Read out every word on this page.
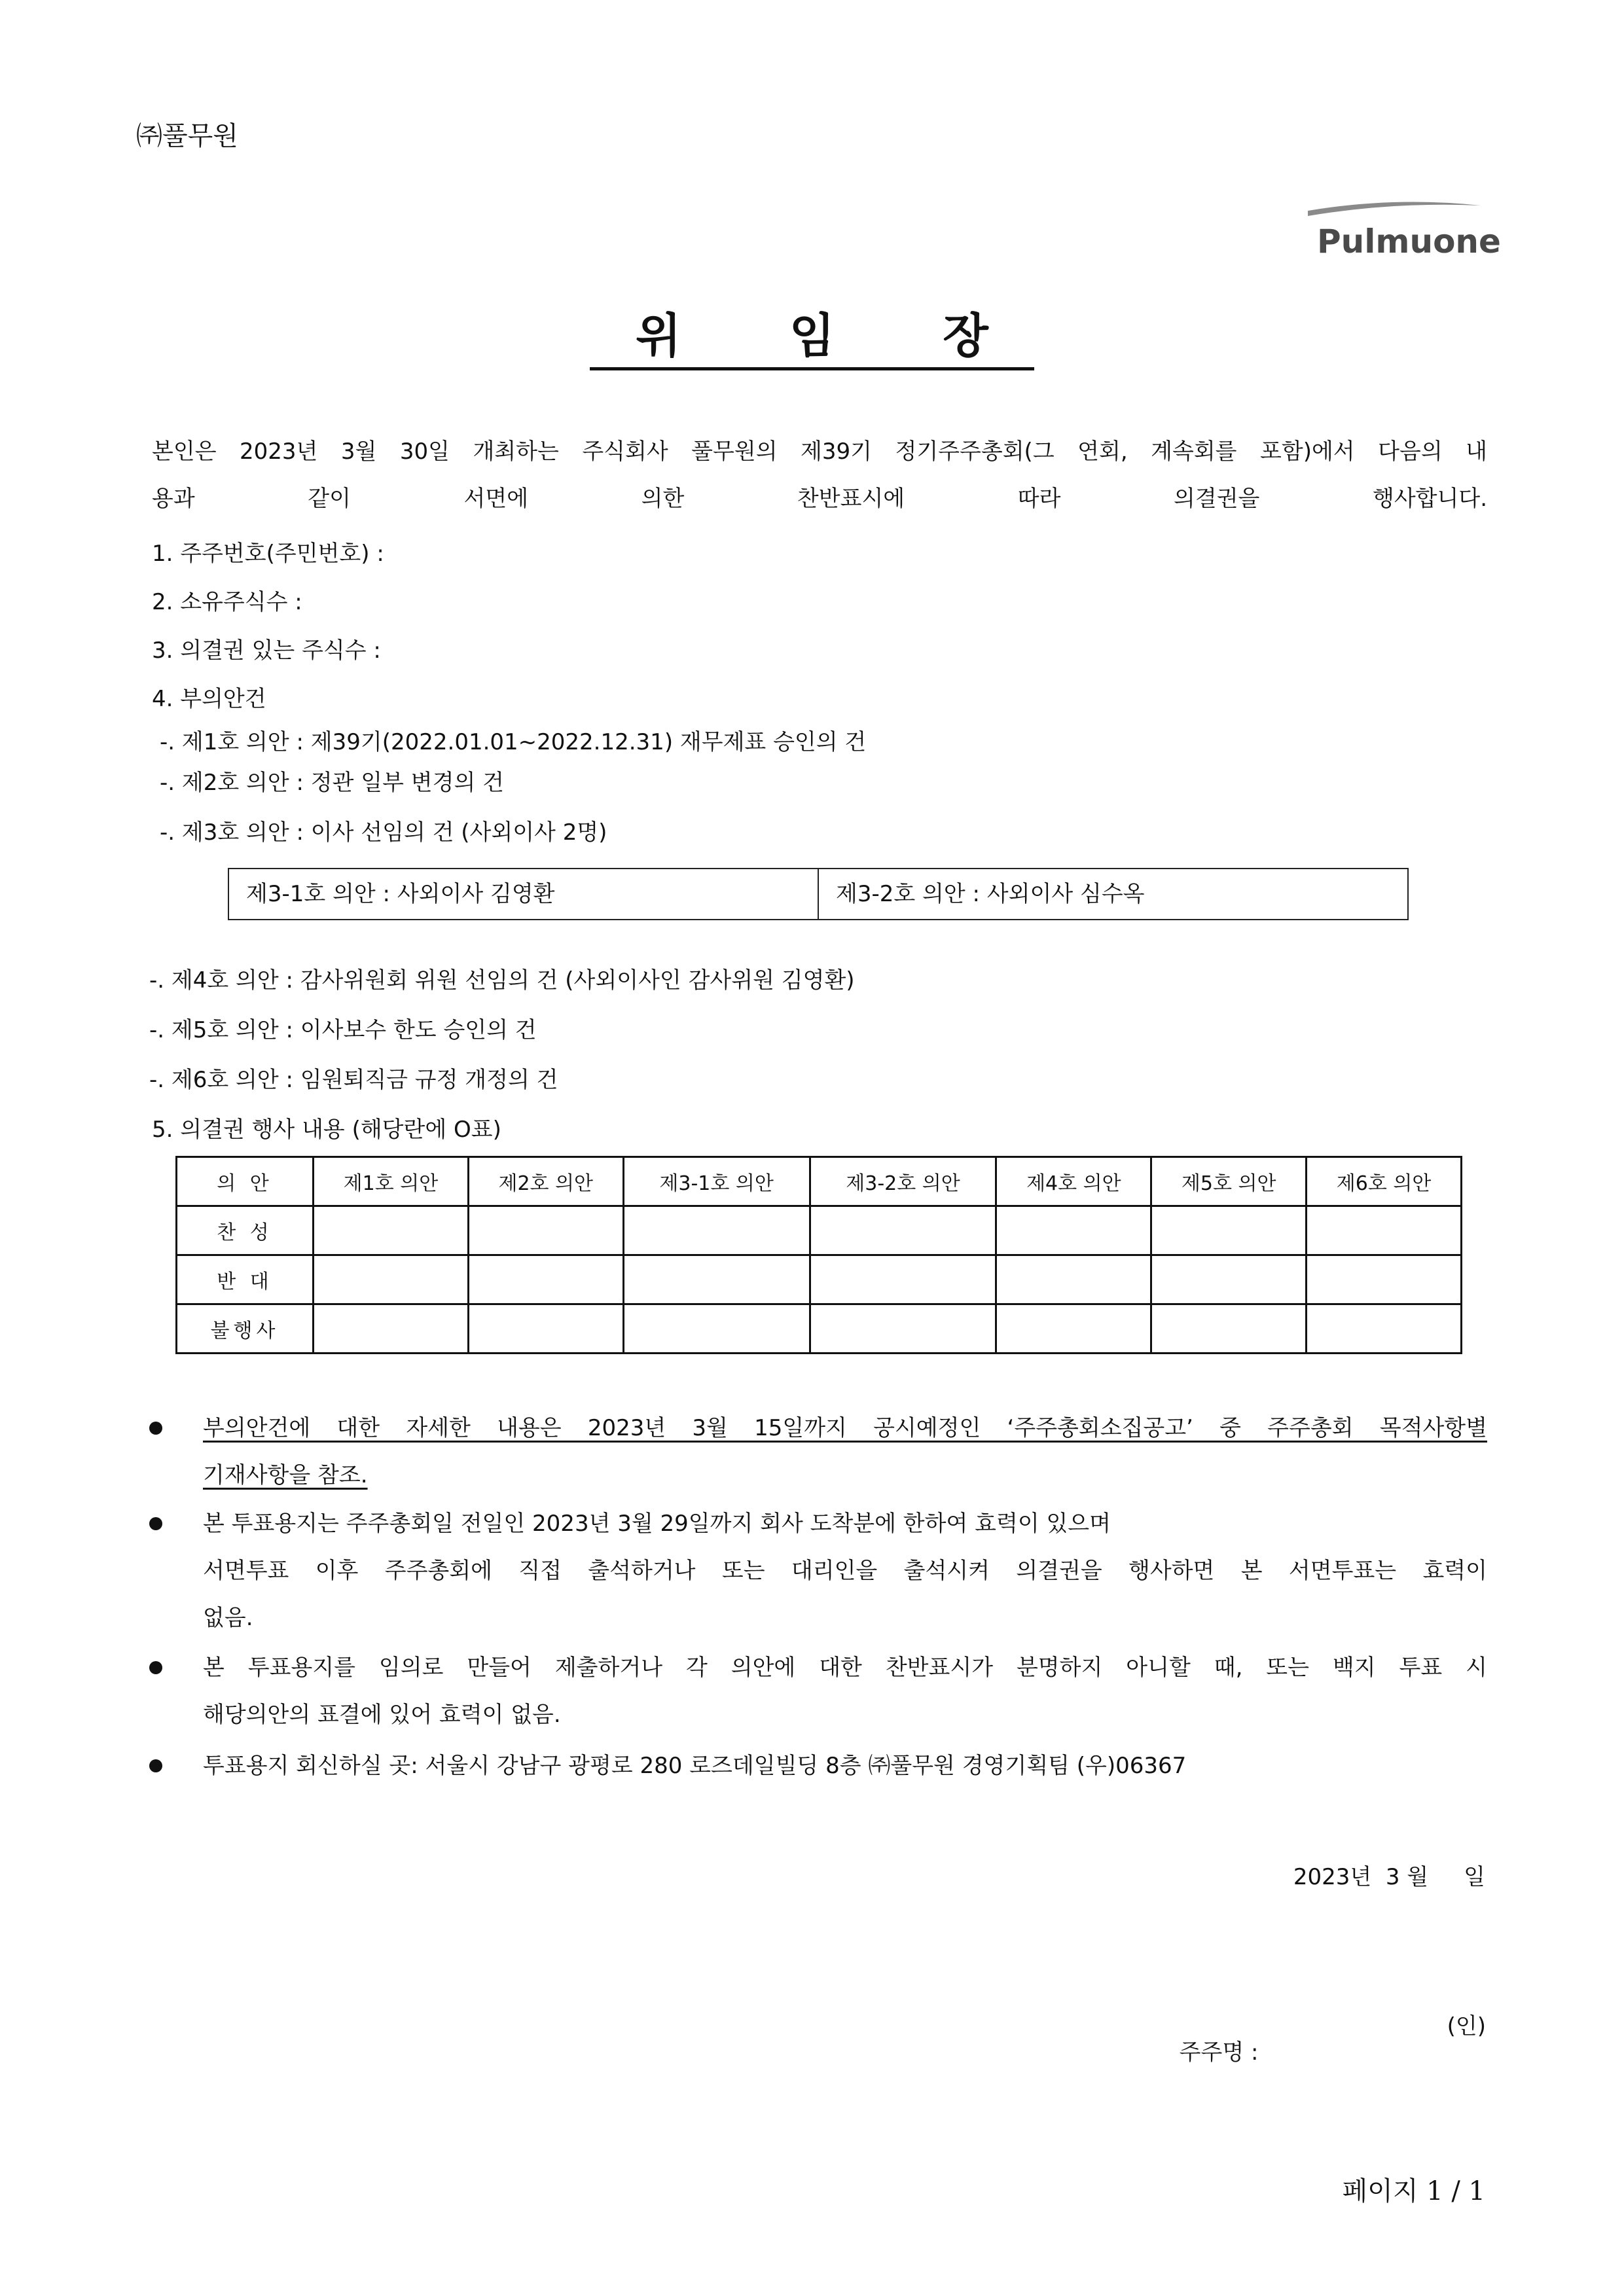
㈜풀무원
Pulmuone
위 임 장
본인은 2023년 3월 30일 개최하는 주식회사 풀무원의 제39기 정기주주총회(그 연회, 계속회를 포함)에서 다음의 내
용과 같이 서면에 의한 찬반표시에 따라 의결권을 행사합니다.
1. 주주번호(주민번호) :
2. 소유주식수 :
3. 의결권 있는 주식수 :
4. 부의안건
-. 제1호 의안 : 제39기(2022.01.01~2022.12.31) 재무제표 승인의 건
-. 제2호 의안 : 정관 일부 변경의 건
-. 제3호 의안 : 이사 선임의 건 (사외이사 2명)
제3-1호 의안 : 사외이사 김영환	제3-2호 의안 : 사외이사 심수옥
-. 제4호 의안 : 감사위원회 위원 선임의 건 (사외이사인 감사위원 김영환)
-. 제5호 의안 : 이사보수 한도 승인의 건
-. 제6호 의안 : 임원퇴직금 규정 개정의 건
5. 의결권 행사 내용 (해당란에 O표)
의 안	제1호 의안	제2호 의안	제3-1호 의안	제3-2호 의안	제4호 의안	제5호 의안	제6호 의안
찬 성							
반 대							
불행사							
부의안건에 대한 자세한 내용은 2023년 3월 15일까지 공시예정인 ‘주주총회소집공고’ 중 주주총회 목적사항별
기재사항을 참조.
본 투표용지는 주주총회일 전일인 2023년 3월 29일까지 회사 도착분에 한하여 효력이 있으며
서면투표 이후 주주총회에 직접 출석하거나 또는 대리인을 출석시켜 의결권을 행사하면 본 서면투표는 효력이
없음.
본 투표용지를 임의로 만들어 제출하거나 각 의안에 대한 찬반표시가 분명하지 아니할 때, 또는 백지 투표 시
해당의안의 표결에 있어 효력이 없음.
투표용지 회신하실 곳: 서울시 강남구 광평로 280 로즈데일빌딩 8층 ㈜풀무원 경영기획팀 (우)06367
2023년  3 월     일

주주명 :

(인)

페이지 1 / 1
